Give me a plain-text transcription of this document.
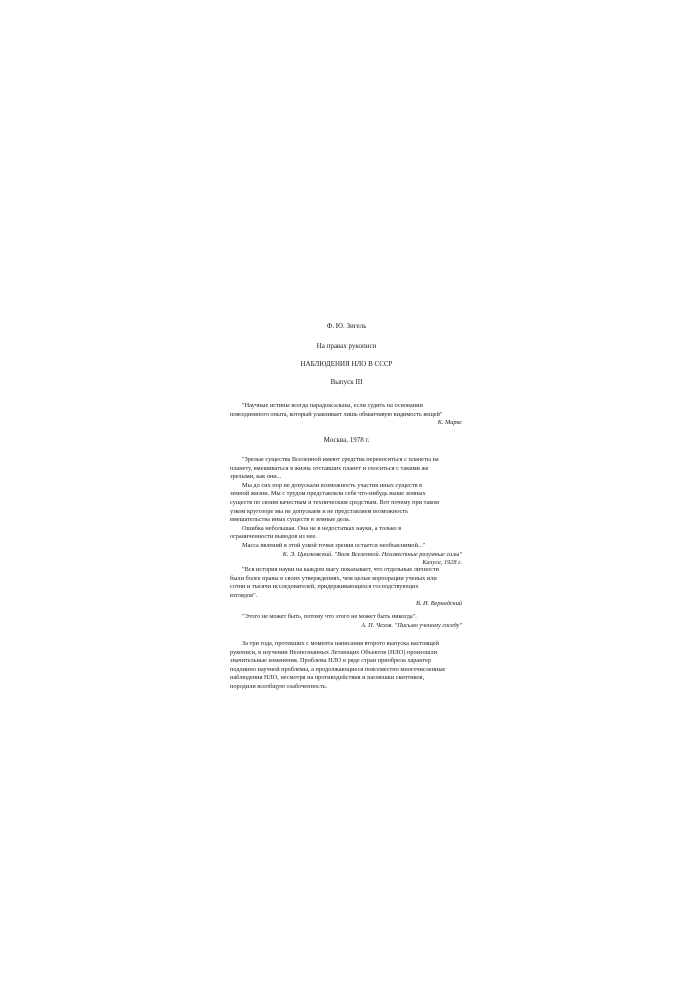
Ф. Ю. Зигель
На правах рукописи
НАБЛЮДЕНИЯ НЛО В СССР
Выпуск III

"Научные истины всегда парадоксальны, если судить на основании

повседневного опыта, который улавливает лишь обманчивую видимость вещей"

К. Маркс

Москва, 1978 г.

"Зрелые существа Вселенной имеют средства переноситься с планеты на

планету, вмешиваться в жизнь отставших планет и сноситься с такими же

зрелыми, как они...

Мы до сих пор не допускали возможность участия иных существ в

земной жизни. Мы с трудом представляли себе что-нибудь выше земных

существ по своим качествам и техническим средствам. Вот почему при таком

узком кругозоре мы не допускаем и не представляем возможность

вмешательства иных существ в земные дела.

Ошибка небольшая. Она не в недостатках науки, а только в

ограниченности выводов из нее.

Масса явлений в этой узкой точки зрения остается необъяснимой..."

К. Э. Циолковский. "Воля Вселенной. Неизвестные разумные силы"

Калуга, 1928 г.

"Вся история науки на каждом шагу показывает, что отдельные личности

были более правы в своих утверждениях, чем целые корпорации ученых или

сотни и тысячи исследователей, придерживающихся господствующих

взглядов".

В. И. Вернадский

"Этого не может быть, потому что этого не может быть никогда".

А. П. Чехов. "Письмо ученому соседу"

За три года, протекших с момента написания второго выпуска настоящей

рукописи, в изучении Неопознанных Летающих Объектов (НЛО) произошли

значительные изменения. Проблема НЛО в ряде стран приобрела характер

подлинно научной проблемы, а продолжающиеся повсеместно многочисленные

наблюдения НЛО, несмотря на противодействия и насмешки скептиков,

породили всеобщую озабоченность.
